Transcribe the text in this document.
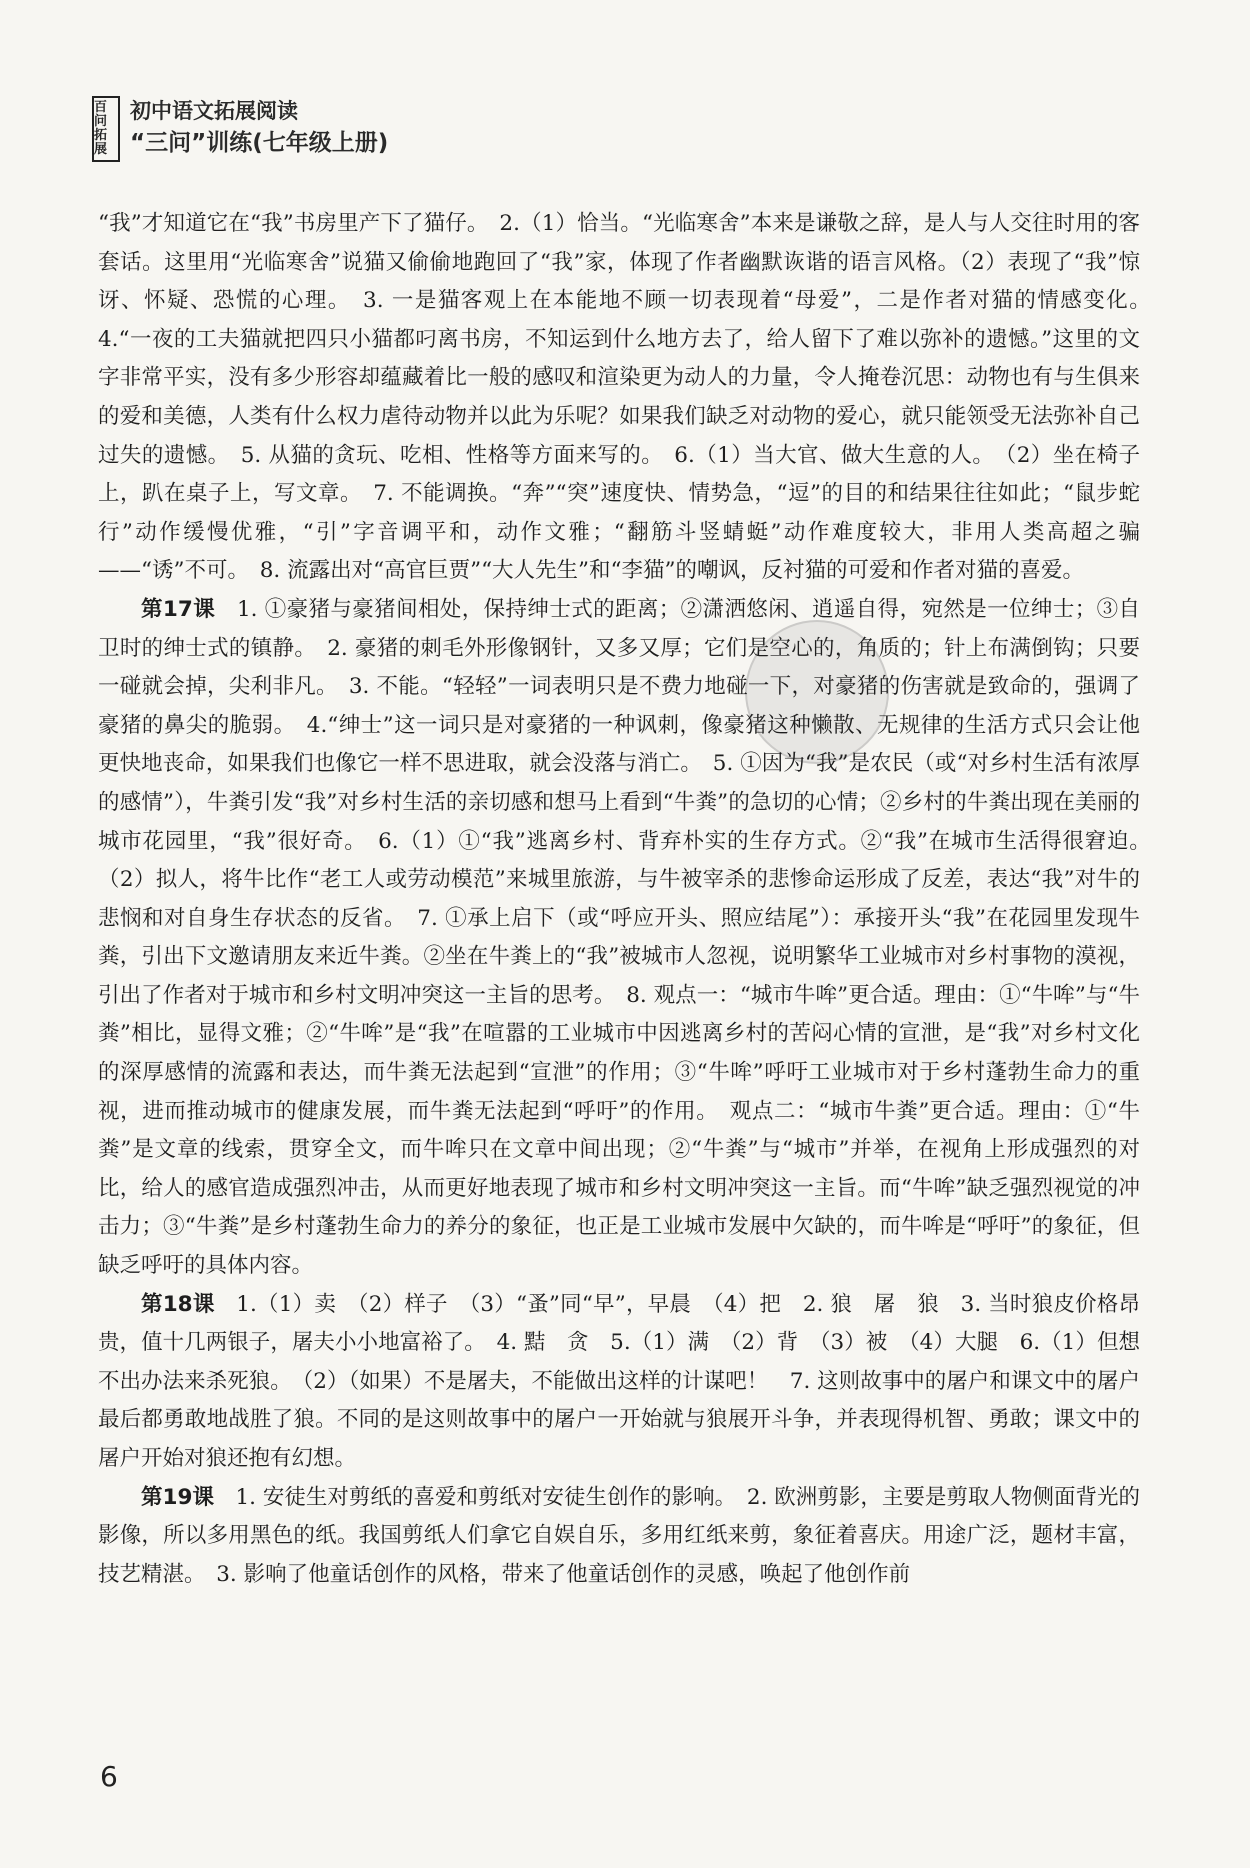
百问拓展
初中语文拓展阅读
“三问”训练(七年级上册)

“我”才知道它在“我”书房里产下了猫仔。　2.（1）恰当。“光临寒舍”本来是谦敬之辞，是人与人交往时用的客套话。这里用“光临寒舍”说猫又偷偷地跑回了“我”家，体现了作者幽默诙谐的语言风格。（2）表现了“我”惊讶、怀疑、恐慌的心理。　3. 一是猫客观上在本能地不顾一切表现着“母爱”，二是作者对猫的情感变化。　4.“一夜的工夫猫就把四只小猫都叼离书房，不知运到什么地方去了，给人留下了难以弥补的遗憾。”这里的文字非常平实，没有多少形容却蕴藏着比一般的感叹和渲染更为动人的力量，令人掩卷沉思：动物也有与生俱来的爱和美德，人类有什么权力虐待动物并以此为乐呢？如果我们缺乏对动物的爱心，就只能领受无法弥补自己过失的遗憾。　5. 从猫的贪玩、吃相、性格等方面来写的。　6.（1）当大官、做大生意的人。　（2）坐在椅子上，趴在桌子上，写文章。　7. 不能调换。“奔”“突”速度快、情势急，“逗”的目的和结果往往如此；“鼠步蛇行”动作缓慢优雅，“引”字音调平和，动作文雅；“翻筋斗竖蜻蜓”动作难度较大，非用人类高超之骗——“诱”不可。　8. 流露出对“高官巨贾”“大人先生”和“李猫”的嘲讽，反衬猫的可爱和作者对猫的喜爱。

第17课　1. ①豪猪与豪猪间相处，保持绅士式的距离；②潇洒悠闲、逍遥自得，宛然是一位绅士；③自卫时的绅士式的镇静。　2. 豪猪的刺毛外形像钢针，又多又厚；它们是空心的，角质的；针上布满倒钩；只要一碰就会掉，尖利非凡。　3. 不能。“轻轻”一词表明只是不费力地碰一下，对豪猪的伤害就是致命的，强调了豪猪的鼻尖的脆弱。　4.“绅士”这一词只是对豪猪的一种讽刺，像豪猪这种懒散、无规律的生活方式只会让他更快地丧命，如果我们也像它一样不思进取，就会没落与消亡。　5. ①因为“我”是农民（或“对乡村生活有浓厚的感情”），牛粪引发“我”对乡村生活的亲切感和想马上看到“牛粪”的急切的心情；②乡村的牛粪出现在美丽的城市花园里，“我”很好奇。　6.（1）①“我”逃离乡村、背弃朴实的生存方式。②“我”在城市生活得很窘迫。　（2）拟人，将牛比作“老工人或劳动模范”来城里旅游，与牛被宰杀的悲惨命运形成了反差，表达“我”对牛的悲悯和对自身生存状态的反省。　7. ①承上启下（或“呼应开头、照应结尾”）：承接开头“我”在花园里发现牛粪，引出下文邀请朋友来近牛粪。②坐在牛粪上的“我”被城市人忽视，说明繁华工业城市对乡村事物的漠视，引出了作者对于城市和乡村文明冲突这一主旨的思考。　8. 观点一：“城市牛哞”更合适。理由：①“牛哞”与“牛粪”相比，显得文雅；②“牛哞”是“我”在喧嚣的工业城市中因逃离乡村的苦闷心情的宣泄，是“我”对乡村文化的深厚感情的流露和表达，而牛粪无法起到“宣泄”的作用；③“牛哞”呼吁工业城市对于乡村蓬勃生命力的重视，进而推动城市的健康发展，而牛粪无法起到“呼吁”的作用。　观点二：“城市牛粪”更合适。理由：①“牛粪”是文章的线索，贯穿全文，而牛哞只在文章中间出现；②“牛粪”与“城市”并举，在视角上形成强烈的对比，给人的感官造成强烈冲击，从而更好地表现了城市和乡村文明冲突这一主旨。而“牛哞”缺乏强烈视觉的冲击力；③“牛粪”是乡村蓬勃生命力的养分的象征，也正是工业城市发展中欠缺的，而牛哞是“呼吁”的象征，但缺乏呼吁的具体内容。

第18课　1.（1）卖　（2）样子　（3）“蚤”同“早”，早晨　（4）把　2. 狼　屠　狼　3. 当时狼皮价格昂贵，值十几两银子，屠夫小小地富裕了。　4. 黠　贪　5.（1）满　（2）背　（3）被　（4）大腿　6.（1）但想不出办法来杀死狼。　（2）（如果）不是屠夫，不能做出这样的计谋吧！　7. 这则故事中的屠户和课文中的屠户最后都勇敢地战胜了狼。不同的是这则故事中的屠户一开始就与狼展开斗争，并表现得机智、勇敢；课文中的屠户开始对狼还抱有幻想。

第19课　1. 安徒生对剪纸的喜爱和剪纸对安徒生创作的影响。　2. 欧洲剪影，主要是剪取人物侧面背光的影像，所以多用黑色的纸。我国剪纸人们拿它自娱自乐，多用红纸来剪，象征着喜庆。用途广泛，题材丰富，技艺精湛。　3. 影响了他童话创作的风格，带来了他童话创作的灵感，唤起了他创作前

6
